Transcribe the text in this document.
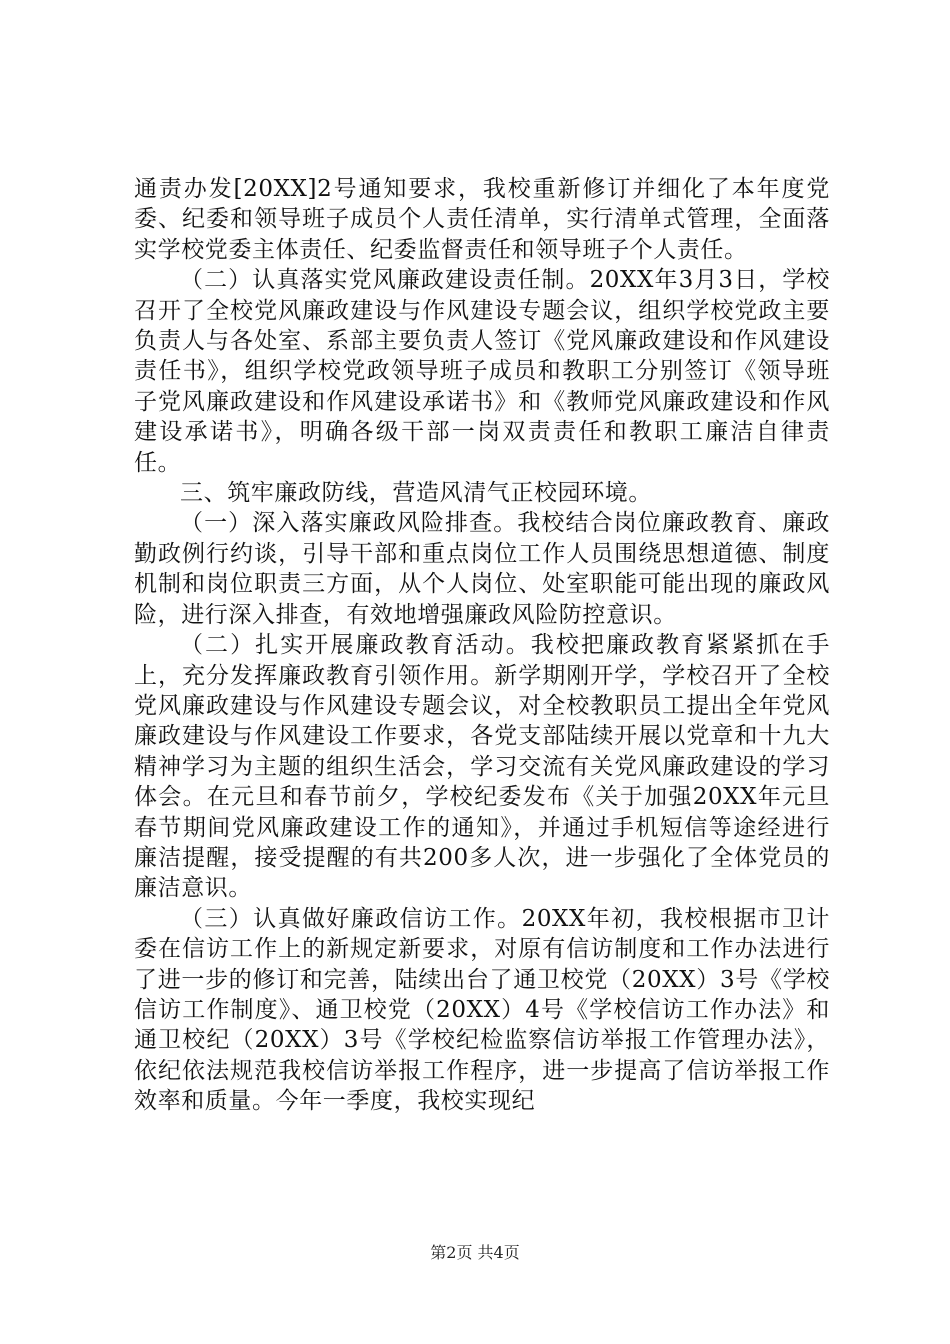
通责办发[20XX]2号通知要求，我校重新修订并细化了本年度党委、纪委和领导班子成员个人责任清单，实行清单式管理，全面落实学校党委主体责任、纪委监督责任和领导班子个人责任。

（二）认真落实党风廉政建设责任制。20XX年3月3日，学校召开了全校党风廉政建设与作风建设专题会议，组织学校党政主要负责人与各处室、系部主要负责人签订《党风廉政建设和作风建设责任书》，组织学校党政领导班子成员和教职工分别签订《领导班子党风廉政建设和作风建设承诺书》和《教师党风廉政建设和作风建设承诺书》，明确各级干部一岗双责责任和教职工廉洁自律责任。

三、筑牢廉政防线，营造风清气正校园环境。

（一）深入落实廉政风险排查。我校结合岗位廉政教育、廉政勤政例行约谈，引导干部和重点岗位工作人员围绕思想道德、制度机制和岗位职责三方面，从个人岗位、处室职能可能出现的廉政风险，进行深入排查，有效地增强廉政风险防控意识。

（二）扎实开展廉政教育活动。我校把廉政教育紧紧抓在手上，充分发挥廉政教育引领作用。新学期刚开学，学校召开了全校党风廉政建设与作风建设专题会议，对全校教职员工提出全年党风廉政建设与作风建设工作要求，各党支部陆续开展以党章和十九大精神学习为主题的组织生活会，学习交流有关党风廉政建设的学习体会。在元旦和春节前夕，学校纪委发布《关于加强20XX年元旦春节期间党风廉政建设工作的通知》，并通过手机短信等途经进行廉洁提醒，接受提醒的有共200多人次，进一步强化了全体党员的廉洁意识。

（三）认真做好廉政信访工作。20XX年初，我校根据市卫计委在信访工作上的新规定新要求，对原有信访制度和工作办法进行了进一步的修订和完善，陆续出台了通卫校党（20XX）3号《学校信访工作制度》、通卫校党（20XX）4号《学校信访工作办法》和通卫校纪（20XX）3号《学校纪检监察信访举报工作管理办法》，依纪依法规范我校信访举报工作程序，进一步提高了信访举报工作效率和质量。今年一季度，我校实现纪

第2页 共4页
